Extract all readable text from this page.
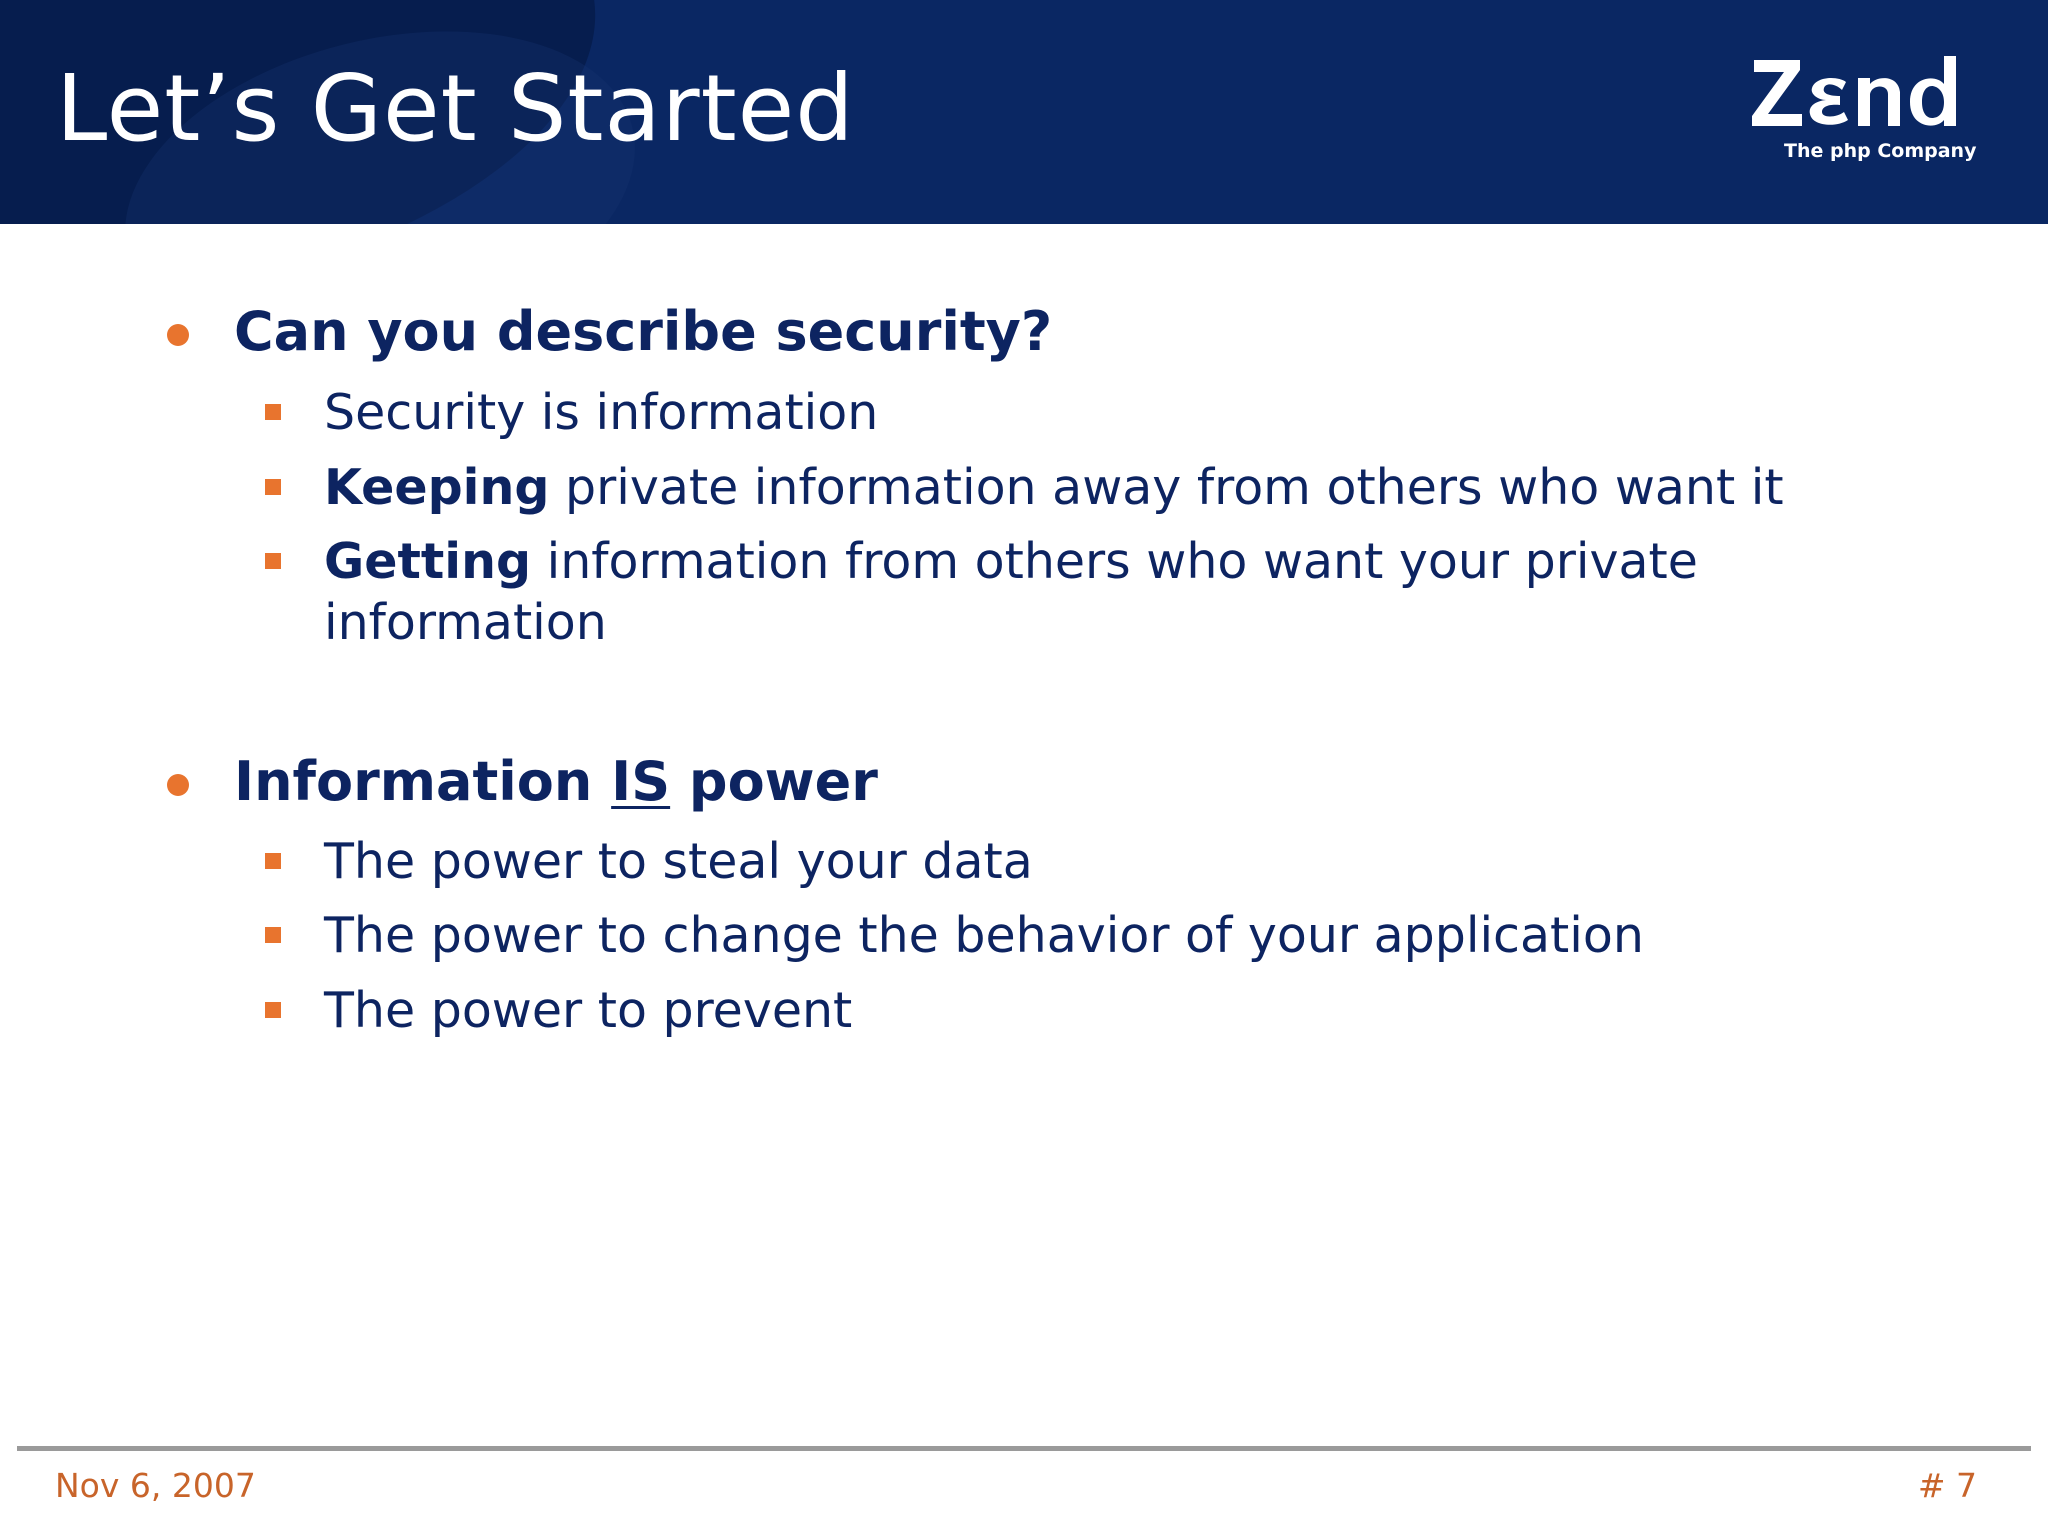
Let’s Get Started	The php Company
Can you describe security?
Security is information
Keeping private information away from others who want it
Getting information from others who want your private
information
Information IS power
The power to steal your data
The power to change the behavior of your application
The power to prevent
Nov 6, 2007	# 7
